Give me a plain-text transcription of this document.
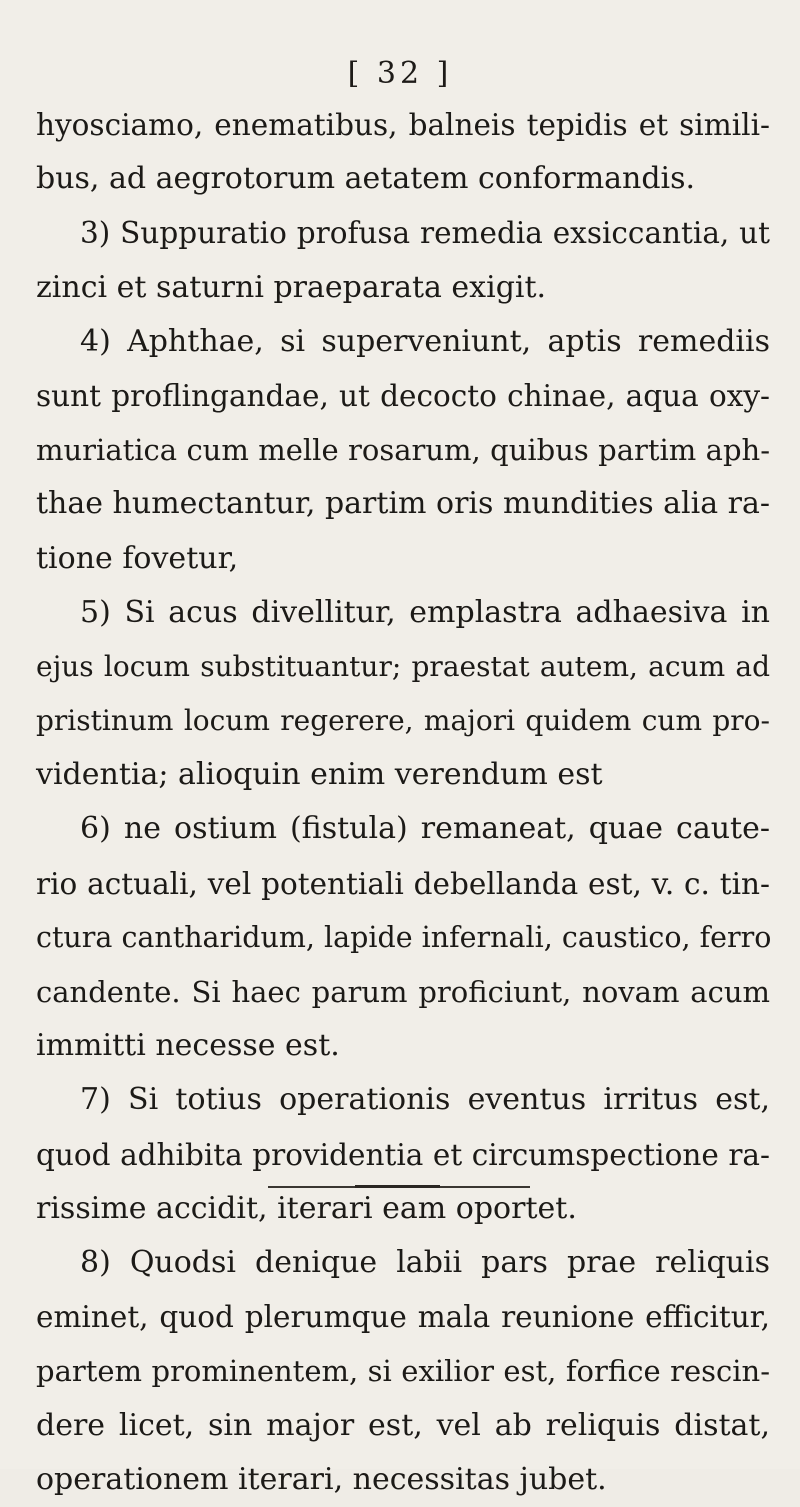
[ 32 ]
hyosciamo, enematibus, balneis tepidis et simili-
bus, ad aegrotorum aetatem conformandis.
3) Suppuratio profusa remedia exsiccantia, ut
zinci et saturni praeparata exigit.
4) Aphthae, si superveniunt, aptis remediis
sunt proflingandae, ut decocto chinae, aqua oxy-
muriatica cum melle rosarum, quibus partim aph-
thae humectantur, partim oris mundities alia ra-
tione fovetur,
5) Si acus divellitur, emplastra adhaesiva in
ejus locum substituantur; praestat autem, acum ad
pristinum locum regerere, majori quidem cum pro-
videntia; alioquin enim verendum est
6) ne ostium (fistula) remaneat, quae caute-
rio actuali, vel potentiali debellanda est, v. c. tin-
ctura cantharidum, lapide infernali, caustico, ferro
candente. Si haec parum proficiunt, novam acum
immitti necesse est.
7) Si totius operationis eventus irritus est,
quod adhibita providentia et circumspectione ra-
rissime accidit, iterari eam oportet.
8) Quodsi denique labii pars prae reliquis
eminet, quod plerumque mala reunione efficitur,
partem prominentem, si exilior est, forfice rescin-
dere licet, sin major est, vel ab reliquis distat,
operationem iterari, necessitas jubet.
